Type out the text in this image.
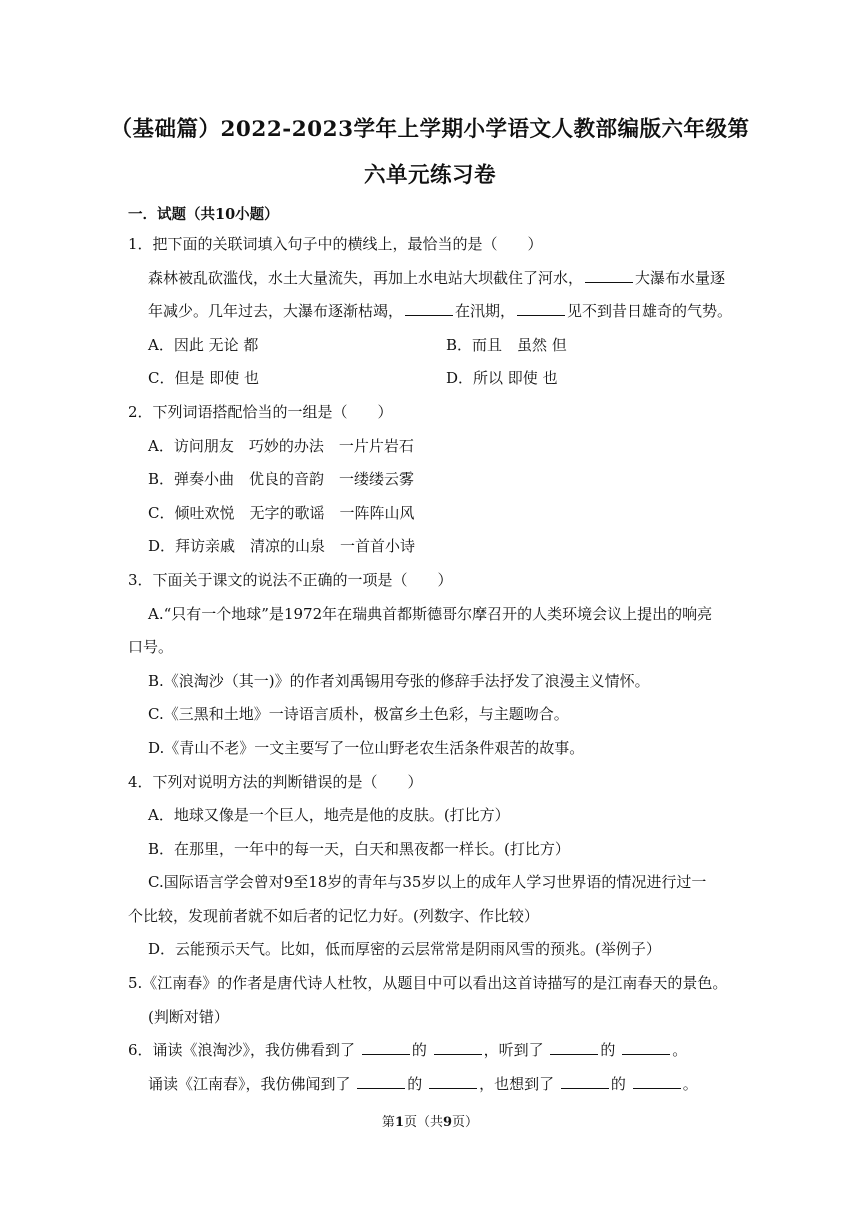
（基础篇）2022-2023学年上学期小学语文人教部编版六年级第
六单元练习卷
一．试题（共10小题）

1．把下面的关联词填入句子中的横线上，最恰当的是（　　）

森林被乱砍滥伐，水土大量流失，再加上水电站大坝截住了河水，	大瀑布水量逐

年减少。几年过去，大瀑布逐渐枯竭，	在汛期，	见不到昔日雄奇的气势。

A．因此 无论 都	B．而且　虽然 但
C．但是 即使 也	D．所以 即使 也

2．下列词语搭配恰当的一组是（　　）

A．访问朋友　巧妙的办法　一片片岩石

B．弹奏小曲　优良的音韵　一缕缕云雾

C．倾吐欢悦　无字的歌谣　一阵阵山风

D．拜访亲戚　清凉的山泉　一首首小诗

3．下面关于课文的说法不正确的一项是（　　）

A.“只有一个地球”是1972年在瑞典首都斯德哥尔摩召开的人类环境会议上提出的响亮

口号。

B.《浪淘沙（其一)》的作者刘禹锡用夸张的修辞手法抒发了浪漫主义情怀。

C.《三黑和土地》一诗语言质朴，极富乡土色彩，与主题吻合。

D.《青山不老》一文主要写了一位山野老农生活条件艰苦的故事。

4．下列对说明方法的判断错误的是（　　）

A．地球又像是一个巨人，地壳是他的皮肤。(打比方）

B．在那里，一年中的每一天，白天和黑夜都一样长。(打比方）

C.国际语言学会曾对9至18岁的青年与35岁以上的成年人学习世界语的情况进行过一

个比较，发现前者就不如后者的记忆力好。(列数字、作比较）

D．云能预示天气。比如，低而厚密的云层常常是阴雨风雪的预兆。(举例子）

5.《江南春》的作者是唐代诗人杜牧，从题目中可以看出这首诗描写的是江南春天的景色。

(判断对错）

6．诵读《浪淘沙》，我仿佛看到了	的	，听到了	的	。

诵读《江南春》，我仿佛闻到了	的	，也想到了	的	。

第1页（共9页）
